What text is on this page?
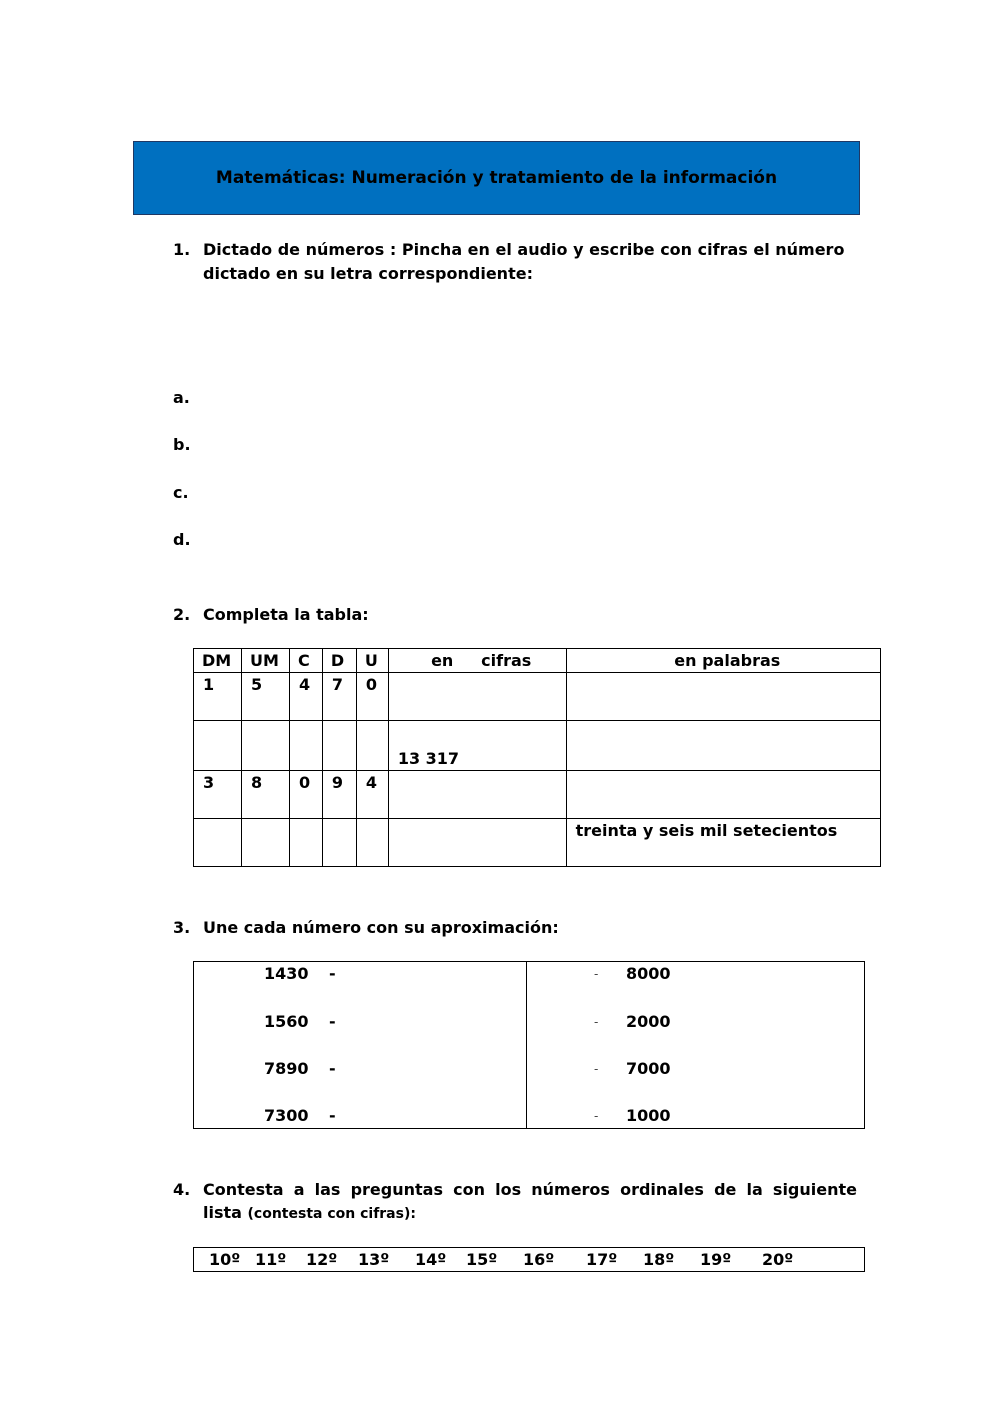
Matemáticas: Numeración y tratamiento de la información
1. Dictado de números : Pincha en el audio y escribe con cifras el número
dictado en su letra correspondiente:
a.
b.
c.
d.
2. Completa la tabla:
DM	UM	C	D	U	en     cifras	en palabras
1	5	4	7	0		
					13 317	
3	8	0	9	4		
						treinta y seis mil setecientos
3. Une cada número con su aproximación:
1430 -
1560 -
7890 -
7300 -
- 8000
- 2000
- 7000
- 1000
4. Contesta a las preguntas con los números ordinales de la siguiente
lista (contesta con cifras):
10º 11º 12º 13º 14º 15º 16º 17º 18º 19º 20º
